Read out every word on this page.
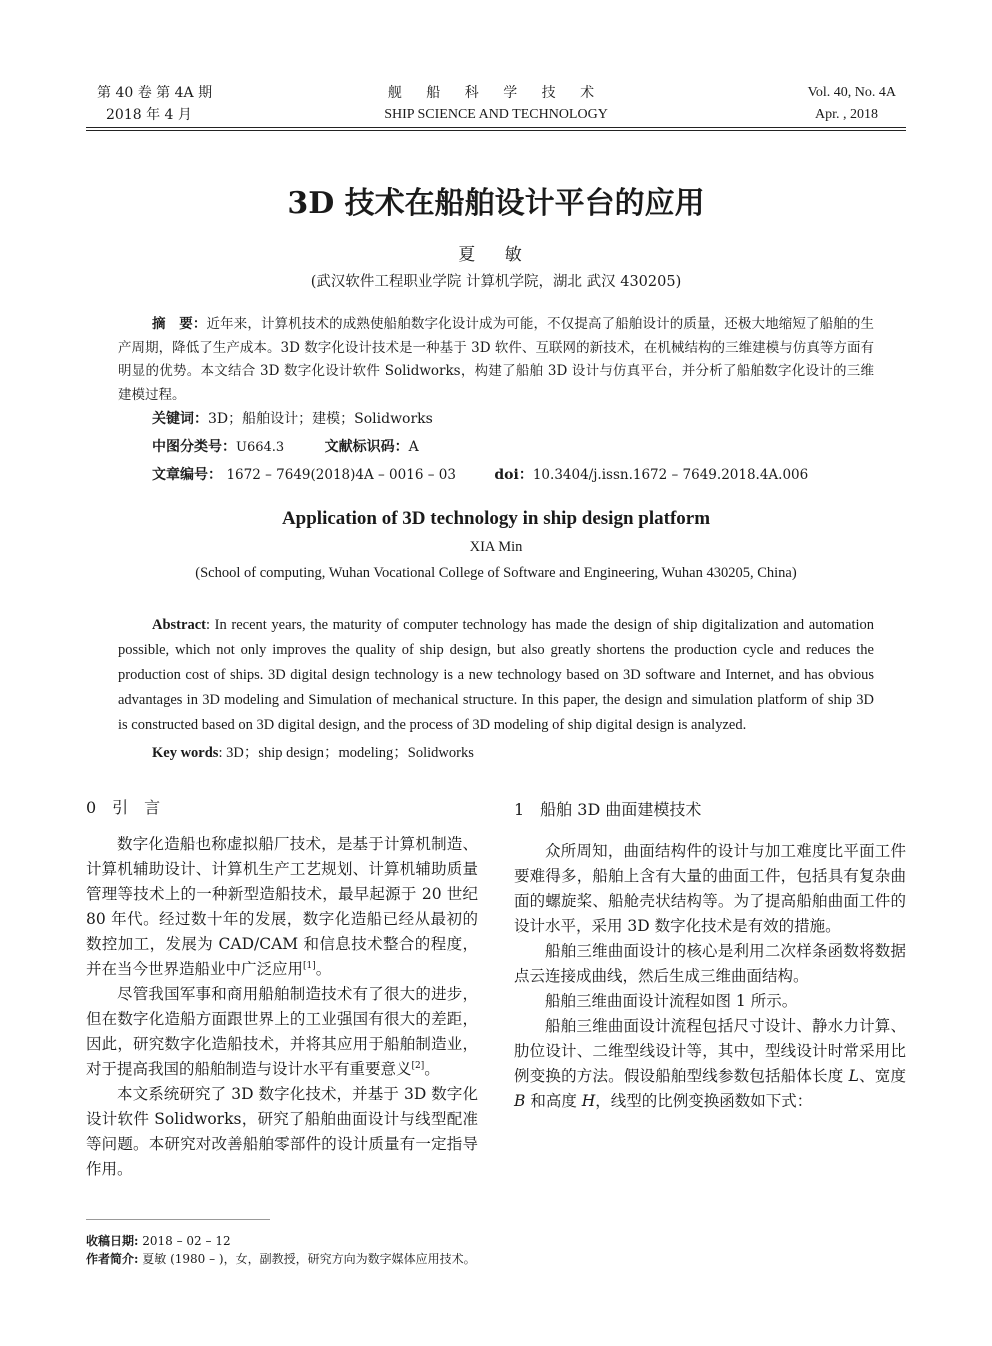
第 40 卷 第 4A 期
2018 年 4 月
舰 船 科 学 技 术
SHIP SCIENCE AND TECHNOLOGY
Vol. 40, No. 4A
Apr. , 2018
3D 技术在船舶设计平台的应用
夏 敏
(武汉软件工程职业学院 计算机学院，湖北 武汉 430205)
摘　要：近年来，计算机技术的成熟使船舶数字化设计成为可能，不仅提高了船舶设计的质量，还极大地缩短了船舶的生产周期，降低了生产成本。3D 数字化设计技术是一种基于 3D 软件、互联网的新技术，在机械结构的三维建模与仿真等方面有明显的优势。本文结合 3D 数字化设计软件 Solidworks，构建了船舶 3D 设计与仿真平台，并分析了船舶数字化设计的三维建模过程。
关键词：3D；船舶设计；建模；Solidworks
中图分类号：U664.3	文献标识码：A
文章编号： 1672 – 7649(2018)4A – 0016 – 03	doi：10.3404/j.issn.1672 – 7649.2018.4A.006
Application of 3D technology in ship design platform
XIA Min
(School of computing, Wuhan Vocational College of Software and Engineering, Wuhan 430205, China)
Abstract: In recent years, the maturity of computer technology has made the design of ship digitalization and automation possible, which not only improves the quality of ship design, but also greatly shortens the production cycle and reduces the production cost of ships. 3D digital design technology is a new technology based on 3D software and Internet, and has obvious advantages in 3D modeling and Simulation of mechanical structure. In this paper, the design and simulation platform of ship 3D is constructed based on 3D digital design, and the process of 3D modeling of ship digital design is analyzed.
Key words: 3D；ship design；modeling；Solidworks
0　引　言

数字化造船也称虚拟船厂技术，是基于计算机制造、计算机辅助设计、计算机生产工艺规划、计算机辅助质量管理等技术上的一种新型造船技术，最早起源于 20 世纪 80 年代。经过数十年的发展，数字化造船已经从最初的数控加工，发展为 CAD/CAM 和信息技术整合的程度，并在当今世界造船业中广泛应用[1]。

尽管我国军事和商用船舶制造技术有了很大的进步，但在数字化造船方面跟世界上的工业强国有很大的差距，因此，研究数字化造船技术，并将其应用于船舶制造业，对于提高我国的船舶制造与设计水平有重要意义[2]。

本文系统研究了 3D 数字化技术，并基于 3D 数字化设计软件 Solidworks，研究了船舶曲面设计与线型配准等问题。本研究对改善船舶零部件的设计质量有一定指导作用。

1　船舶 3D 曲面建模技术

众所周知，曲面结构件的设计与加工难度比平面工件要难得多，船舶上含有大量的曲面工件，包括具有复杂曲面的螺旋桨、船舱壳状结构等。为了提高船舶曲面工件的设计水平，采用 3D 数字化技术是有效的措施。

船舶三维曲面设计的核心是利用二次样条函数将数据点云连接成曲线，然后生成三维曲面结构。

船舶三维曲面设计流程如图 1 所示。

船舶三维曲面设计流程包括尺寸设计、静水力计算、肋位设计、二维型线设计等，其中，型线设计时常采用比例变换的方法。假设船舶型线参数包括船体长度 L、宽度 B 和高度 H，线型的比例变换函数如下式：

收稿日期: 2018 – 02 – 12
作者简介: 夏敏 (1980 – )，女，副教授，研究方向为数字媒体应用技术。
